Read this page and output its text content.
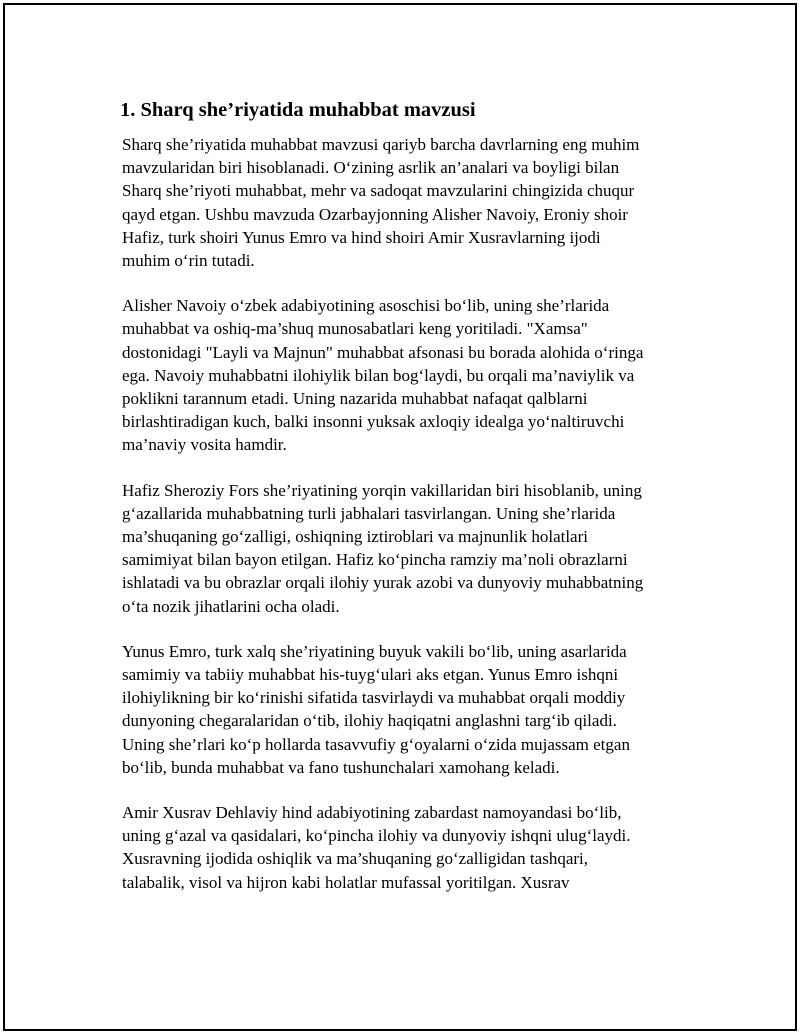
1. Sharq she’riyatida muhabbat mavzusi

Sharq she’riyatida muhabbat mavzusi qariyb barcha davrlarning eng muhim
mavzularidan biri hisoblanadi. O‘zining asrlik an’analari va boyligi bilan
Sharq she’riyoti muhabbat, mehr va sadoqat mavzularini chingizida chuqur
qayd etgan. Ushbu mavzuda Ozarbayjonning Alisher Navoiy, Eroniy shoir
Hafiz, turk shoiri Yunus Emro va hind shoiri Amir Xusravlarning ijodi
muhim o‘rin tutadi.

Alisher Navoiy o‘zbek adabiyotining asoschisi bo‘lib, uning she’rlarida
muhabbat va oshiq-ma’shuq munosabatlari keng yoritiladi. "Xamsa"
dostonidagi "Layli va Majnun" muhabbat afsonasi bu borada alohida o‘ringa
ega. Navoiy muhabbatni ilohiylik bilan bog‘laydi, bu orqali ma’naviylik va
poklikni tarannum etadi. Uning nazarida muhabbat nafaqat qalblarni
birlashtiradigan kuch, balki insonni yuksak axloqiy idealga yo‘naltiruvchi
ma’naviy vosita hamdir.

Hafiz Sheroziy Fors she’riyatining yorqin vakillaridan biri hisoblanib, uning
g‘azallarida muhabbatning turli jabhalari tasvirlangan. Uning she’rlarida
ma’shuqaning go‘zalligi, oshiqning iztiroblari va majnunlik holatlari
samimiyat bilan bayon etilgan. Hafiz ko‘pincha ramziy ma’noli obrazlarni
ishlatadi va bu obrazlar orqali ilohiy yurak azobi va dunyoviy muhabbatning
o‘ta nozik jihatlarini ocha oladi.

Yunus Emro, turk xalq she’riyatining buyuk vakili bo‘lib, uning asarlarida
samimiy va tabiiy muhabbat his-tuyg‘ulari aks etgan. Yunus Emro ishqni
ilohiylikning bir ko‘rinishi sifatida tasvirlaydi va muhabbat orqali moddiy
dunyoning chegaralaridan o‘tib, ilohiy haqiqatni anglashni targ‘ib qiladi.
Uning she’rlari ko‘p hollarda tasavvufiy g‘oyalarni o‘zida mujassam etgan
bo‘lib, bunda muhabbat va fano tushunchalari xamohang keladi.

Amir Xusrav Dehlaviy hind adabiyotining zabardast namoyandasi bo‘lib,
uning g‘azal va qasidalari, ko‘pincha ilohiy va dunyoviy ishqni ulug‘laydi.
Xusravning ijodida oshiqlik va ma’shuqaning go‘zalligidan tashqari,
talabalik, visol va hijron kabi holatlar mufassal yoritilgan. Xusrav
